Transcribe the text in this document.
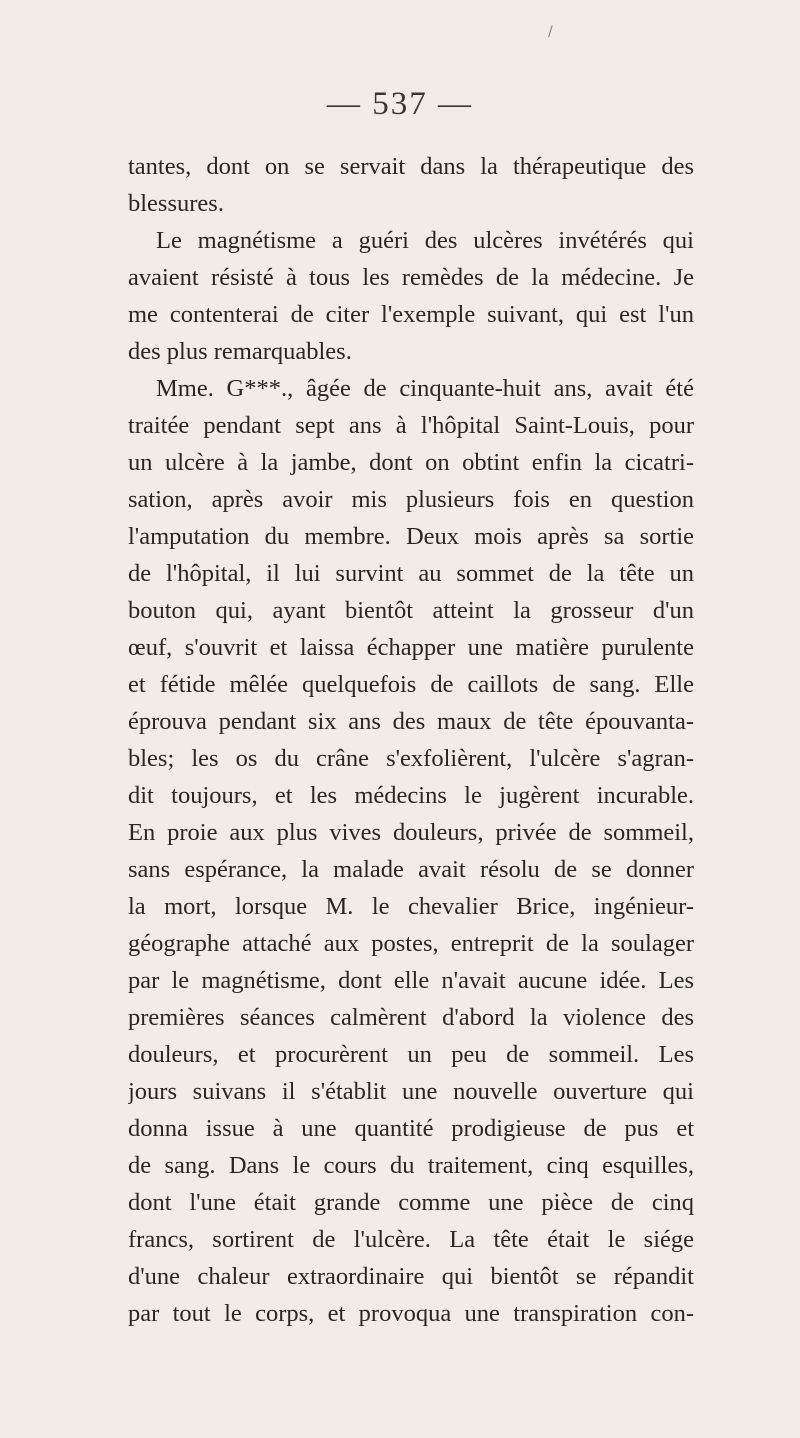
/
— 537 —
tantes, dont on se servait dans la thérapeutique des
blessures.
Le magnétisme a guéri des ulcères invétérés qui
avaient résisté à tous les remèdes de la médecine. Je
me contenterai de citer l'exemple suivant, qui est l'un
des plus remarquables.
Mme. G***., âgée de cinquante-huit ans, avait été
traitée pendant sept ans à l'hôpital Saint-Louis, pour
un ulcère à la jambe, dont on obtint enfin la cicatri-
sation, après avoir mis plusieurs fois en question
l'amputation du membre. Deux mois après sa sortie
de l'hôpital, il lui survint au sommet de la tête un
bouton qui, ayant bientôt atteint la grosseur d'un
œuf, s'ouvrit et laissa échapper une matière purulente
et fétide mêlée quelquefois de caillots de sang. Elle
éprouva pendant six ans des maux de tête épouvanta-
bles; les os du crâne s'exfolièrent, l'ulcère s'agran-
dit toujours, et les médecins le jugèrent incurable.
En proie aux plus vives douleurs, privée de sommeil,
sans espérance, la malade avait résolu de se donner
la mort, lorsque M. le chevalier Brice, ingénieur-
géographe attaché aux postes, entreprit de la soulager
par le magnétisme, dont elle n'avait aucune idée. Les
premières séances calmèrent d'abord la violence des
douleurs, et procurèrent un peu de sommeil. Les
jours suivans il s'établit une nouvelle ouverture qui
donna issue à une quantité prodigieuse de pus et
de sang. Dans le cours du traitement, cinq esquilles,
dont l'une était grande comme une pièce de cinq
francs, sortirent de l'ulcère. La tête était le siége
d'une chaleur extraordinaire qui bientôt se répandit
par tout le corps, et provoqua une transpiration con-
